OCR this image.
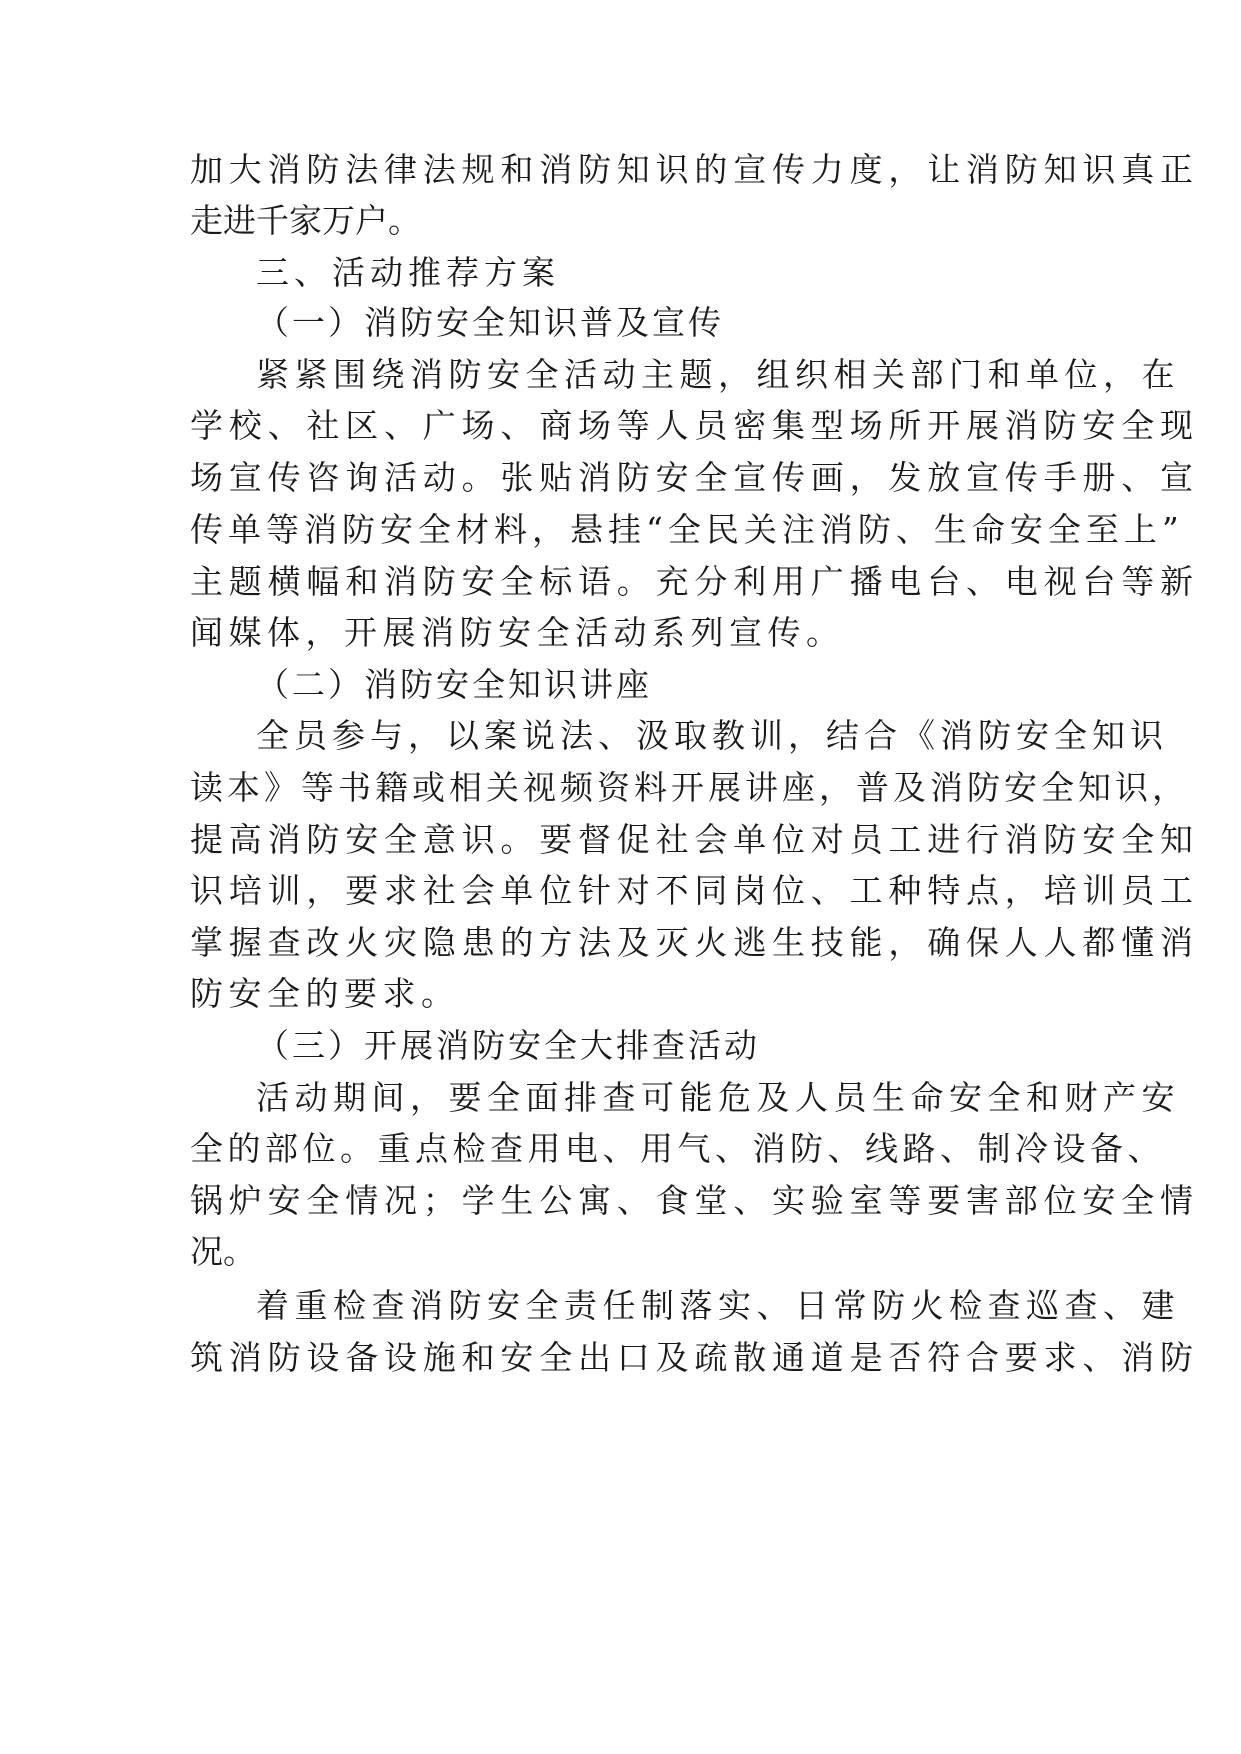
加大消防法律法规和消防知识的宣传力度，让消防知识真正

走进千家万户。

三、活动推荐方案

（一）消防安全知识普及宣传

紧紧围绕消防安全活动主题，组织相关部门和单位，在

学校、社区、广场、商场等人员密集型场所开展消防安全现

场宣传咨询活动。张贴消防安全宣传画，发放宣传手册、宣

传单等消防安全材料，悬挂“全民关注消防、生命安全至上”

主题横幅和消防安全标语。充分利用广播电台、电视台等新

闻媒体，开展消防安全活动系列宣传。

（二）消防安全知识讲座

全员参与，以案说法、汲取教训，结合《消防安全知识

读本》等书籍或相关视频资料开展讲座，普及消防安全知识，

提高消防安全意识。要督促社会单位对员工进行消防安全知

识培训，要求社会单位针对不同岗位、工种特点，培训员工

掌握查改火灾隐患的方法及灭火逃生技能，确保人人都懂消

防安全的要求。

（三）开展消防安全大排查活动

活动期间，要全面排查可能危及人员生命安全和财产安

全的部位。重点检查用电、用气、消防、线路、制冷设备、

锅炉安全情况；学生公寓、食堂、实验室等要害部位安全情

况。

着重检查消防安全责任制落实、日常防火检查巡查、建

筑消防设备设施和安全出口及疏散通道是否符合要求、消防
